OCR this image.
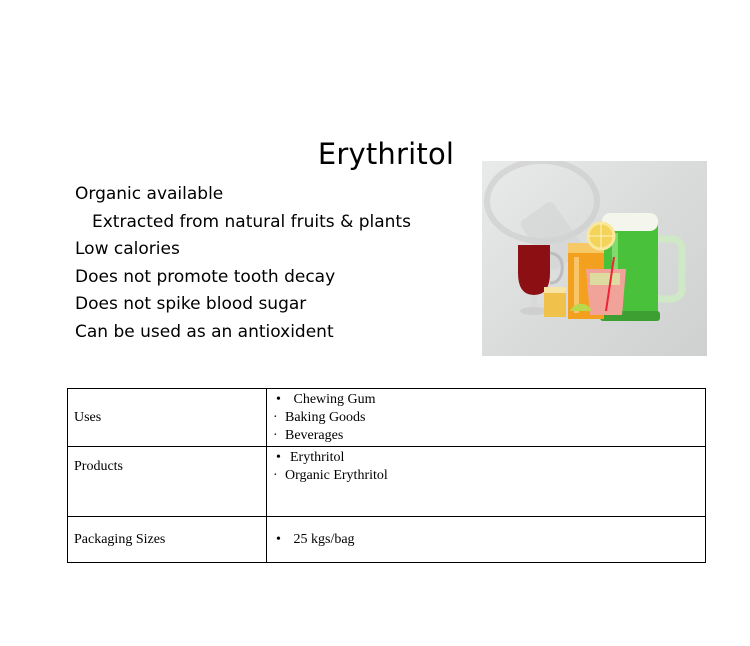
Erythritol
Organic available
Extracted from natural fruits & plants
Low calories
Does not promote tooth decay
Does not spike blood sugar
Can be used as an antioxident
Uses	• Chewing Gum
· Baking Goods
· Beverages

Products	• Erythritol
· Organic Erythritol

Packaging Sizes	• 25 kgs/bag
